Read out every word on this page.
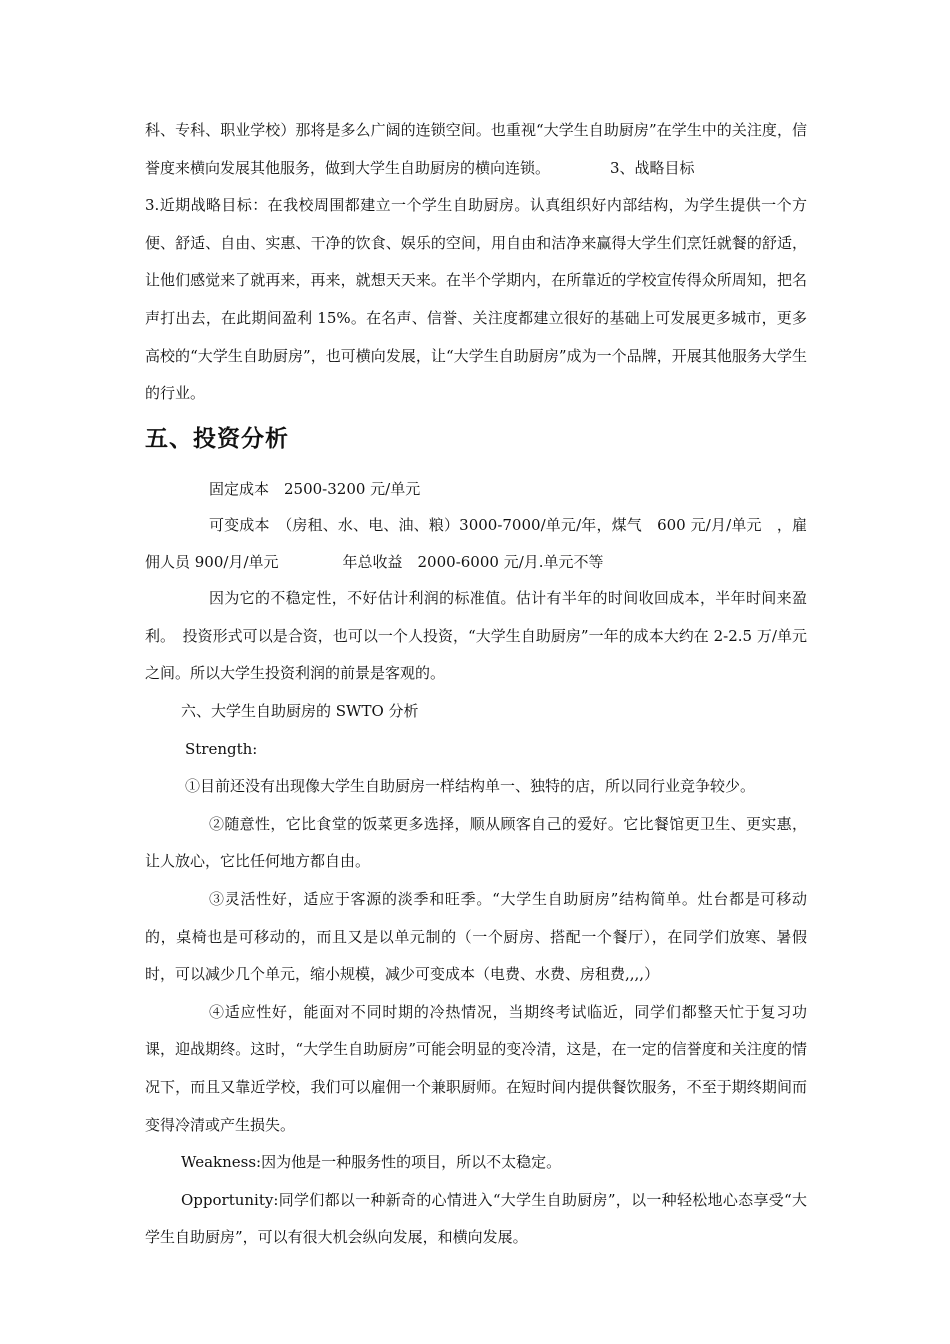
科、专科、职业学校）那将是多么广阔的连锁空间。也重视“大学生自助厨房”在学生中的关注度，信誉度来横向发展其他服务，做到大学生自助厨房的横向连锁。	3、战略目标

3.近期战略目标：在我校周围都建立一个学生自助厨房。认真组织好内部结构，为学生提供一个方便、舒适、自由、实惠、干净的饮食、娱乐的空间，用自由和洁净来赢得大学生们烹饪就餐的舒适，让他们感觉来了就再来，再来，就想天天来。在半个学期内，在所靠近的学校宣传得众所周知，把名声打出去，在此期间盈利 15%。在名声、信誉、关注度都建立很好的基础上可发展更多城市，更多高校的“大学生自助厨房”，也可横向发展，让“大学生自助厨房”成为一个品牌，开展其他服务大学生的行业。

五、投资分析

固定成本　2500-3200 元/单元

可变成本　（房租、水、电、油、粮）3000-7000/单元/年，煤气　600 元/月/单元　，雇佣人员 900/月/单元	年总收益　2000-6000 元/月.单元不等

因为它的不稳定性，不好估计利润的标准值。估计有半年的时间收回成本，半年时间来盈利。　投资形式可以是合资，也可以一个人投资，“大学生自助厨房”一年的成本大约在 2-2.5 万/单元之间。所以大学生投资利润的前景是客观的。

六、大学生自助厨房的 SWTO 分析

Strength:

①目前还没有出现像大学生自助厨房一样结构单一、独特的店，所以同行业竞争较少。

②随意性，它比食堂的饭菜更多选择，顺从顾客自己的爱好。它比餐馆更卫生、更实惠，让人放心，它比任何地方都自由。

③灵活性好，适应于客源的淡季和旺季。“大学生自助厨房”结构简单。灶台都是可移动的，桌椅也是可移动的，而且又是以单元制的（一个厨房、搭配一个餐厅），在同学们放寒、暑假时，可以减少几个单元，缩小规模，减少可变成本（电费、水费、房租费,,,,）

④适应性好，能面对不同时期的冷热情况，当期终考试临近，同学们都整天忙于复习功课，迎战期终。这时，“大学生自助厨房”可能会明显的变冷清，这是，在一定的信誉度和关注度的情况下，而且又靠近学校，我们可以雇佣一个兼职厨师。在短时间内提供餐饮服务，不至于期终期间而变得冷清或产生损失。

Weakness:因为他是一种服务性的项目，所以不太稳定。

Opportunity:同学们都以一种新奇的心情进入“大学生自助厨房”，以一种轻松地心态享受“大学生自助厨房”，可以有很大机会纵向发展，和横向发展。
